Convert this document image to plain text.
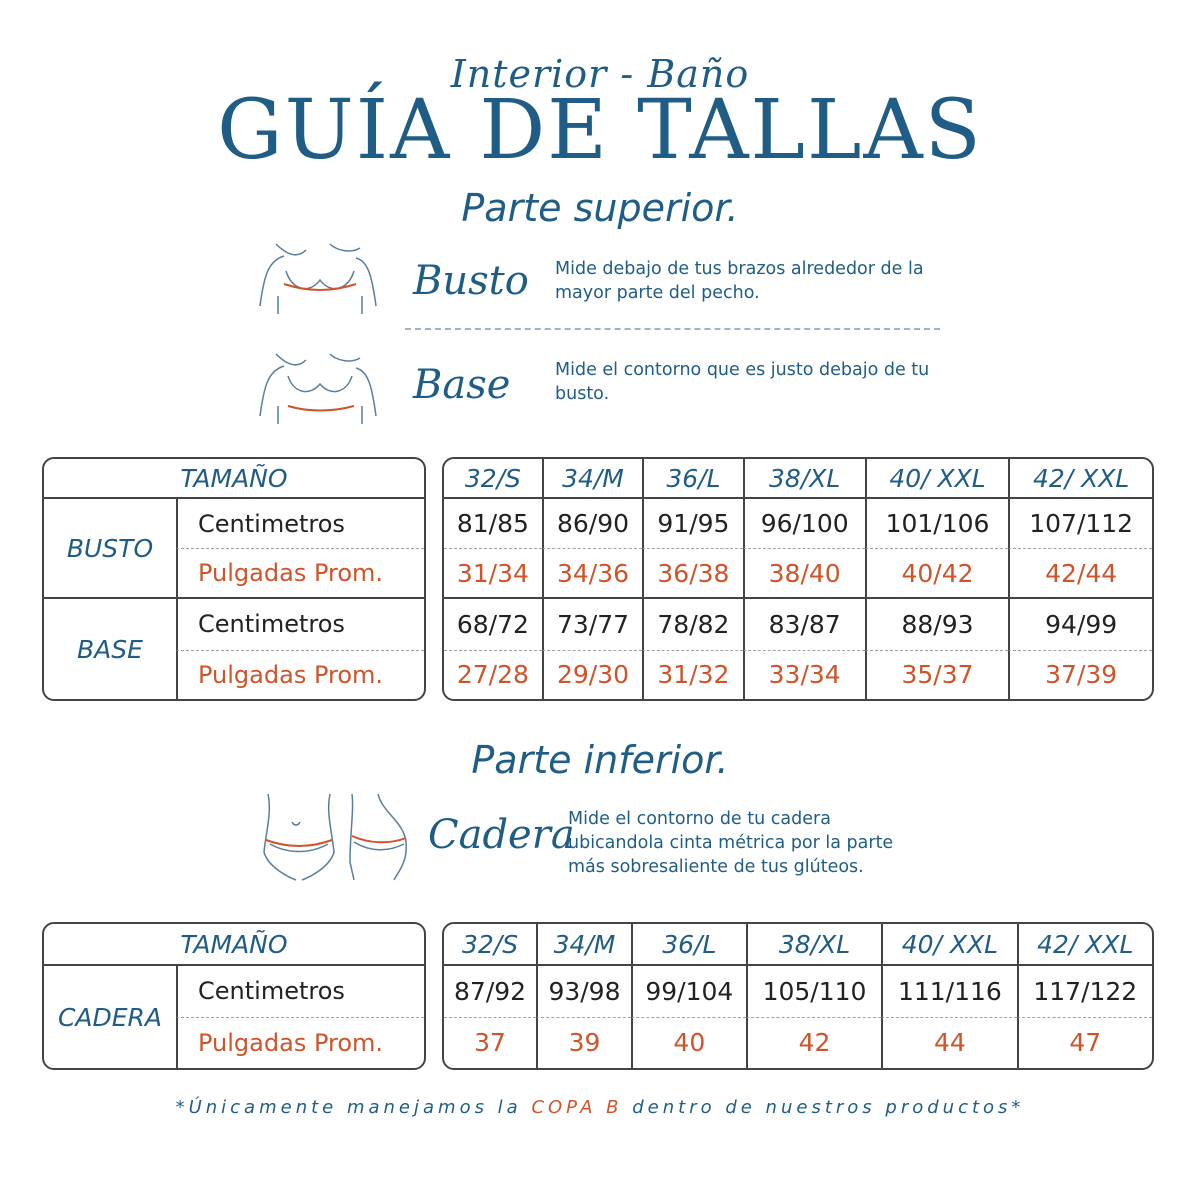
Interior - Baño
GUÍA DE TALLAS
Parte superior.
Busto Mide debajo de tus brazos alrededor de la mayor parte del pecho.
Base	Mide el contorno que es justo debajo de tu busto.
TAMAÑO	
BUSTO	Centimetros
	Pulgadas Prom.
BASE	Centimetros
	Pulgadas Prom.
32/S	34/M	36/L	38/XL	40/ XXL	42/ XXL
81/85	86/90	91/95	96/100	101/106	107/112
31/34	34/36	36/38	38/40	40/42	42/44
68/72	73/77	78/82	83/87	88/93	94/99
27/28	29/30	31/32	33/34	35/37	37/39
Parte inferior.
Cadera
Mide el contorno de tu cadera
ubicandola cinta métrica por la parte
más sobresaliente de tus glúteos.
TAMAÑO
CADERA	Centimetros
Pulgadas Prom.
32/S	34/M	36/L	38/XL	40/ XXL	42/ XXL
87/92	93/98	99/104	105/110	111/116	117/122
37	39	40	42	44	47
*Únicamente manejamos la COPA B dentro de nuestros productos*
